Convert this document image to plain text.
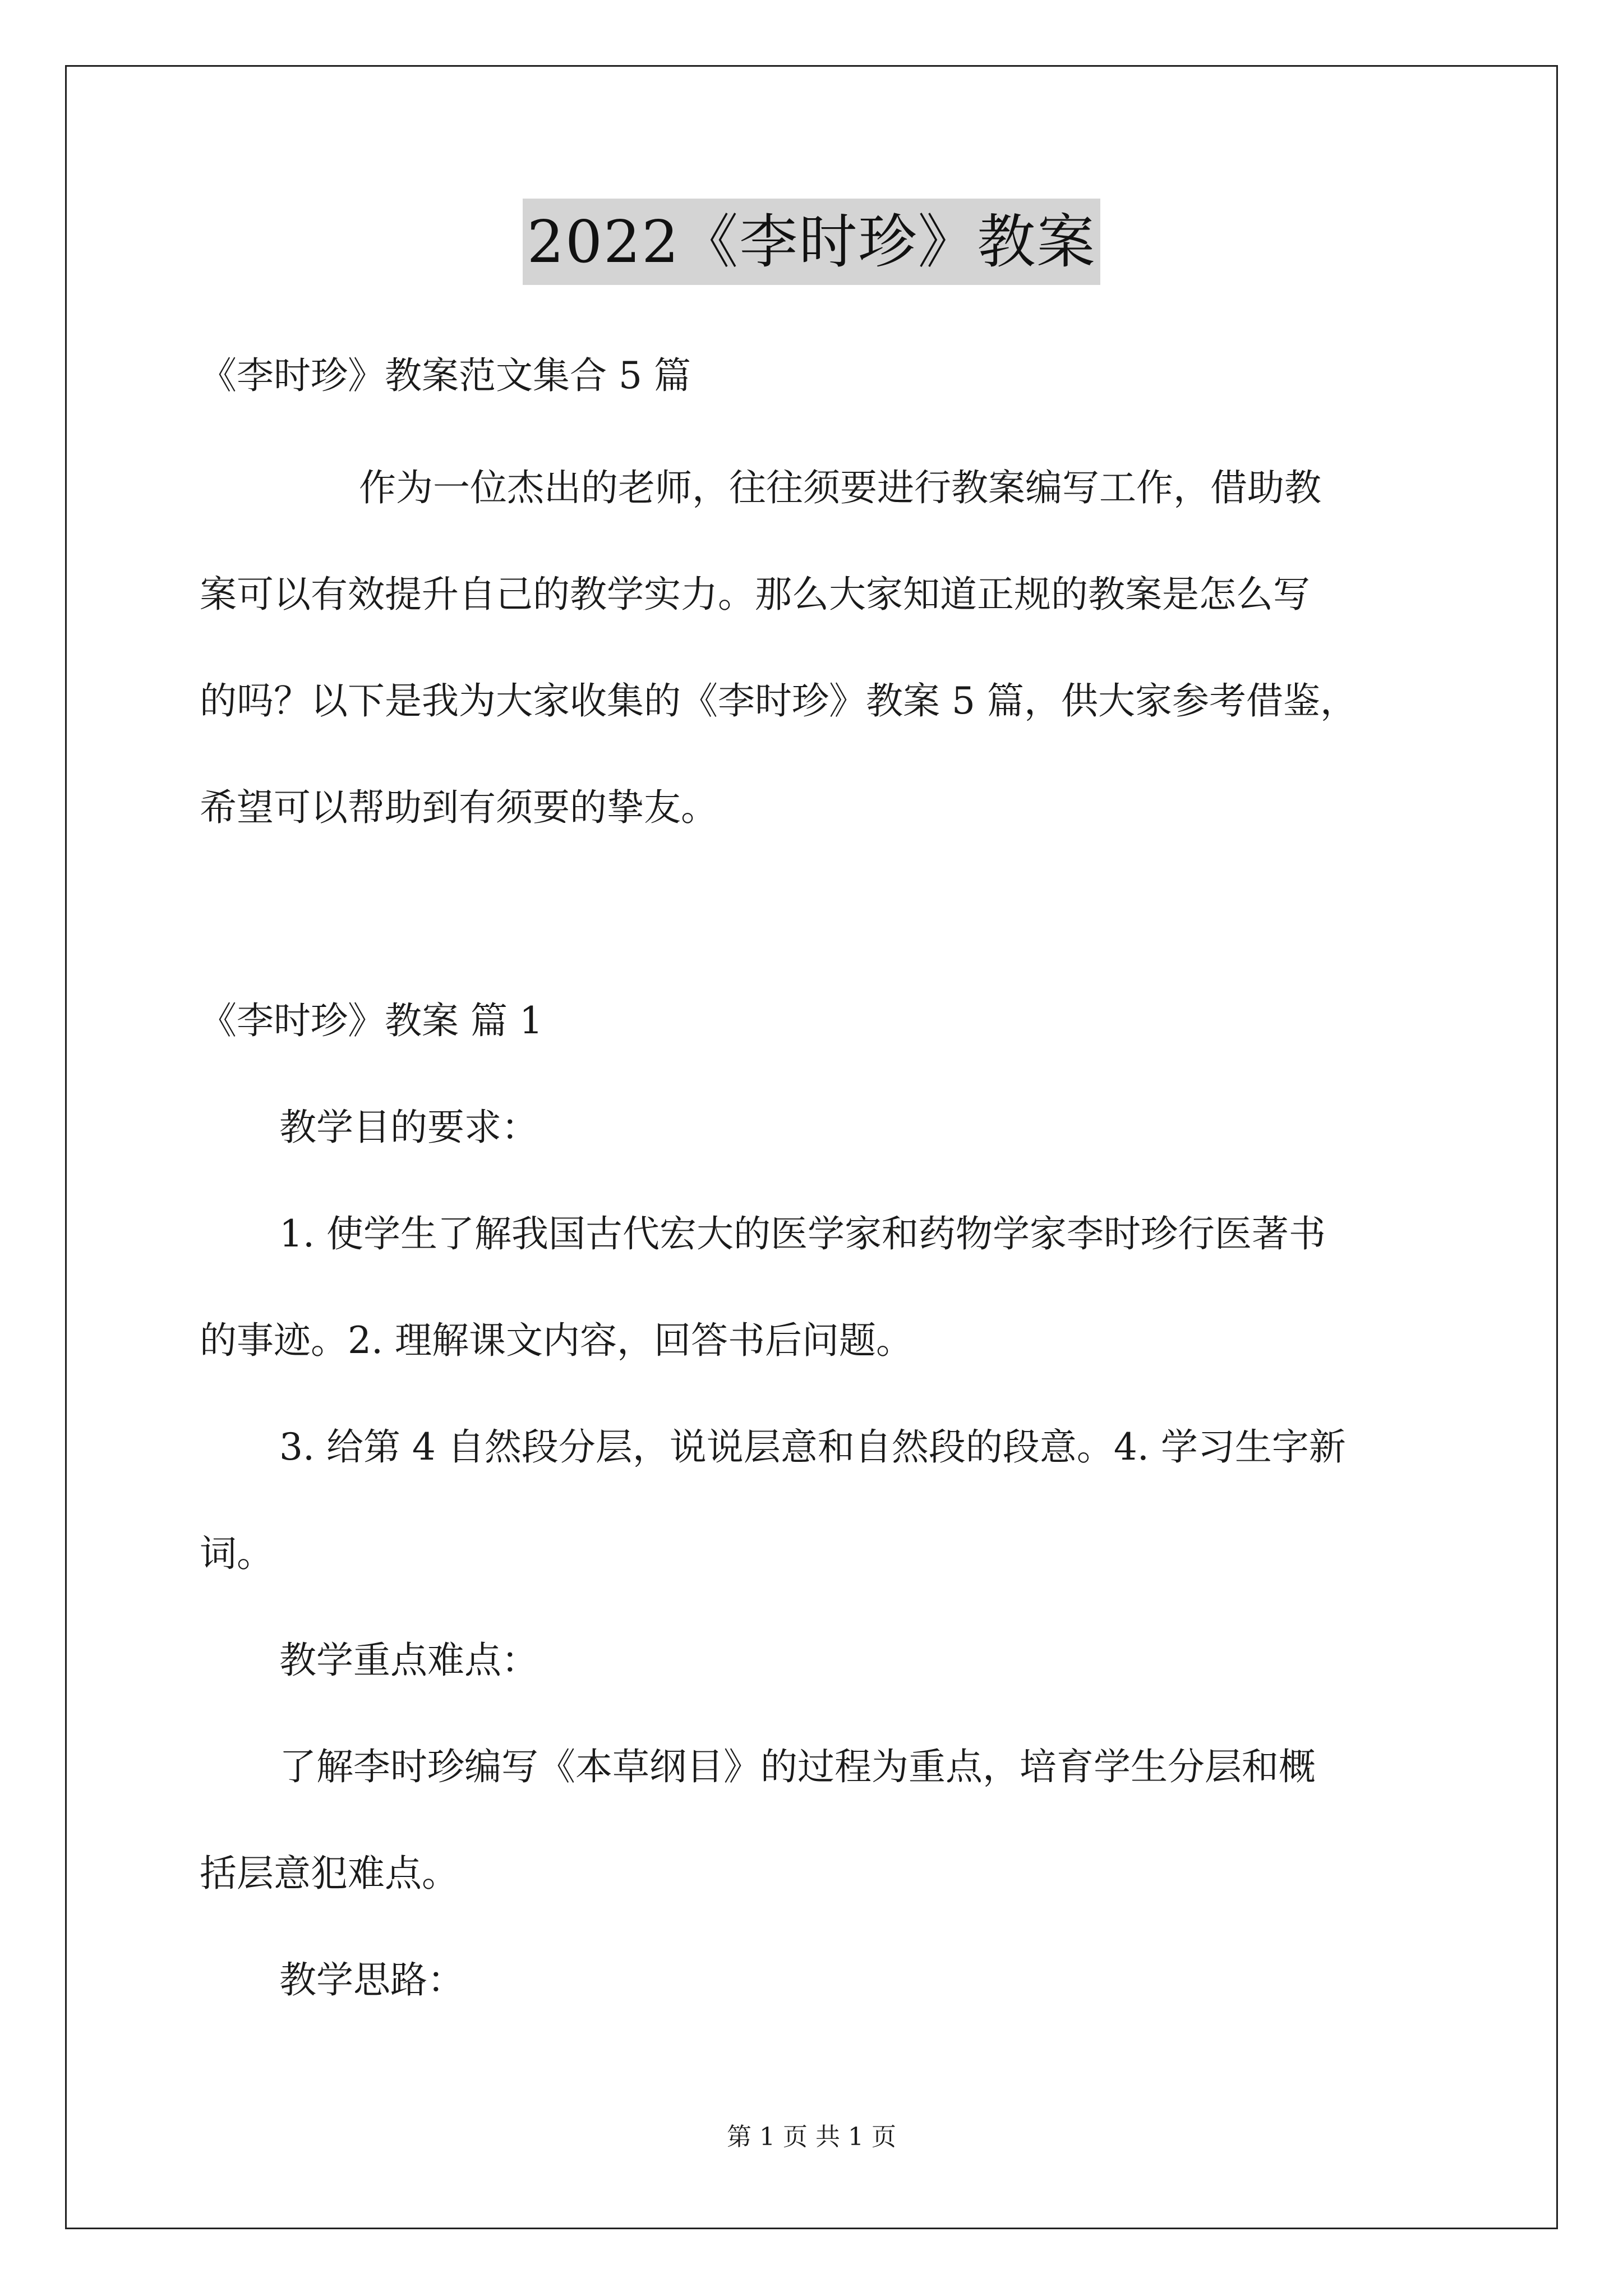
2022《李时珍》教案

《李时珍》教案范文集合 5 篇

作为一位杰出的老师，往往须要进行教案编写工作，借助教

案可以有效提升自己的教学实力。那么大家知道正规的教案是怎么写

的吗？以下是我为大家收集的《李时珍》教案 5 篇，供大家参考借鉴，

希望可以帮助到有须要的挚友。

《李时珍》教案 篇 1

教学目的要求：

1. 使学生了解我国古代宏大的医学家和药物学家李时珍行医著书

的事迹。2. 理解课文内容，回答书后问题。

3. 给第 4 自然段分层，说说层意和自然段的段意。4. 学习生字新

词。

教学重点难点：

了解李时珍编写《本草纲目》的过程为重点，培育学生分层和概

括层意犯难点。

教学思路：

第 1 页 共 1 页
